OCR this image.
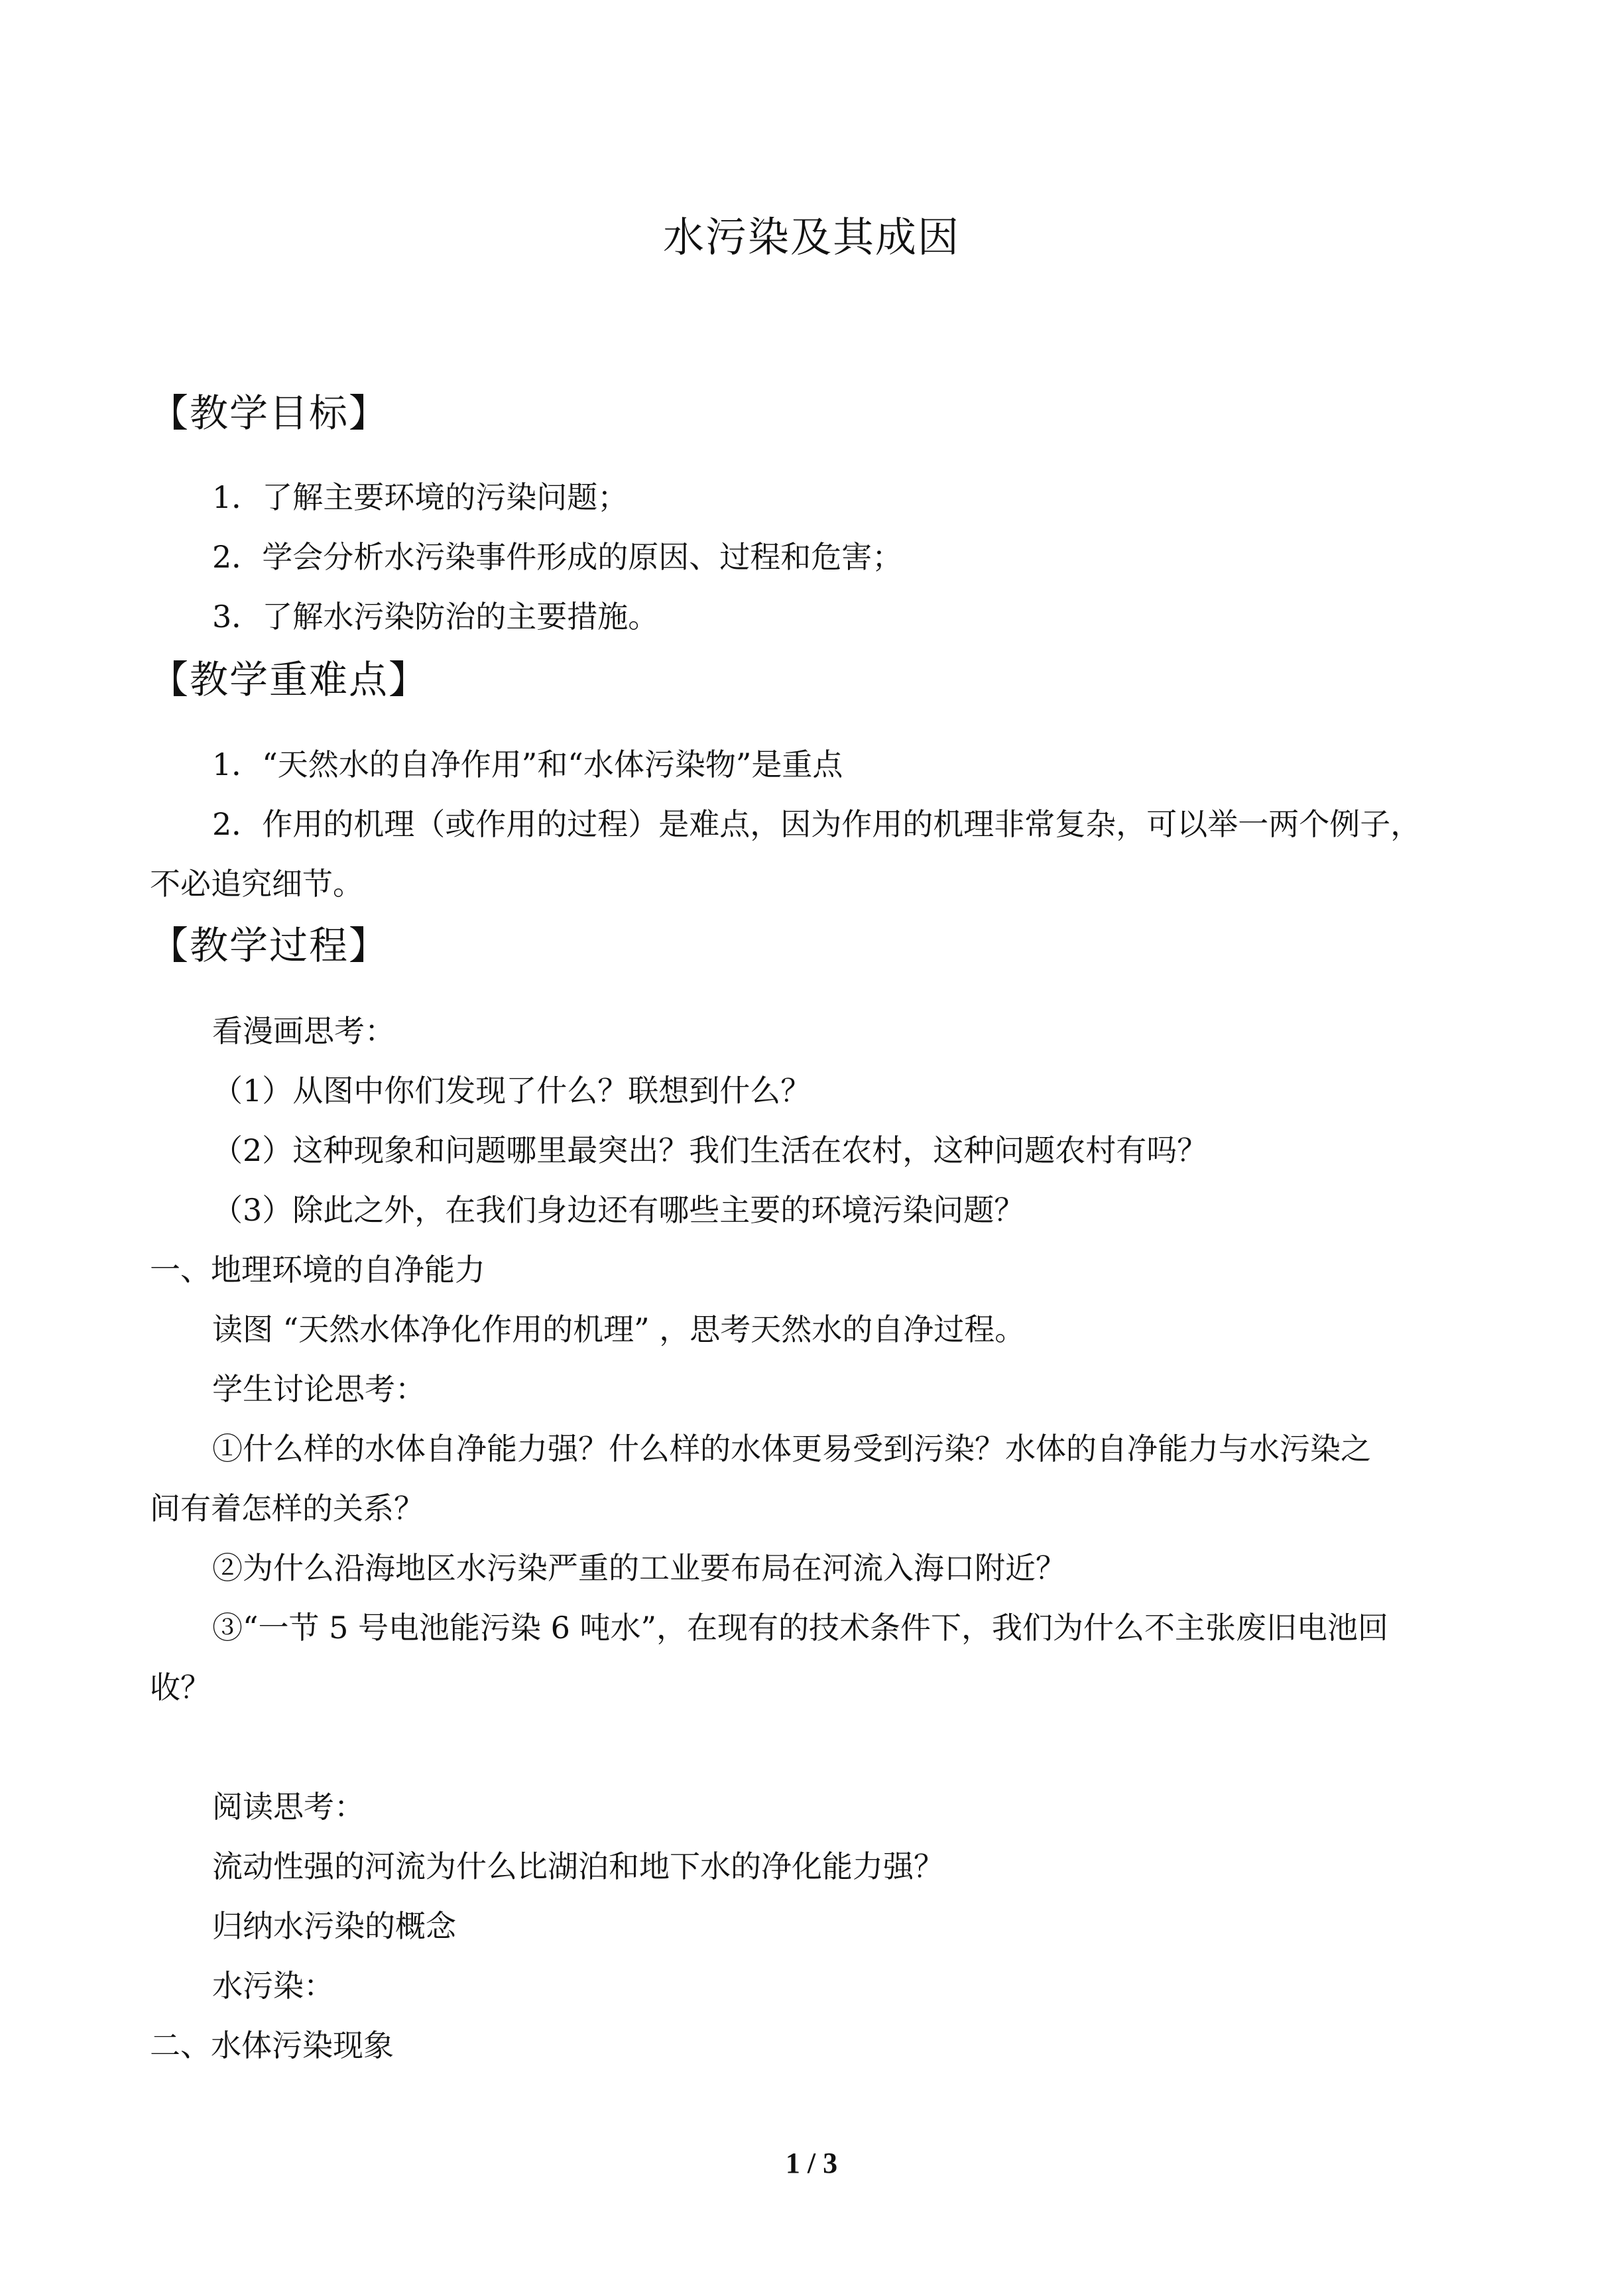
水污染及其成因
【教学目标】
1．了解主要环境的污染问题；
2．学会分析水污染事件形成的原因、过程和危害；
3．了解水污染防治的主要措施。
【教学重难点】
1．“天然水的自净作用”和“水体污染物”是重点
2．作用的机理（或作用的过程）是难点，因为作用的机理非常复杂，可以举一两个例子，
不必追究细节。
【教学过程】
看漫画思考：
（1）从图中你们发现了什么？联想到什么？
（2）这种现象和问题哪里最突出？我们生活在农村，这种问题农村有吗？
（3）除此之外，在我们身边还有哪些主要的环境污染问题？
一、地理环境的自净能力
读图 “天然水体净化作用的机理” ，思考天然水的自净过程。
学生讨论思考：
①什么样的水体自净能力强？什么样的水体更易受到污染？水体的自净能力与水污染之
间有着怎样的关系？
②为什么沿海地区水污染严重的工业要布局在河流入海口附近？
③“一节 5 号电池能污染 6 吨水”，在现有的技术条件下，我们为什么不主张废旧电池回
收？
阅读思考：
流动性强的河流为什么比湖泊和地下水的净化能力强？
归纳水污染的概念
水污染：
二、水体污染现象
1 / 3
